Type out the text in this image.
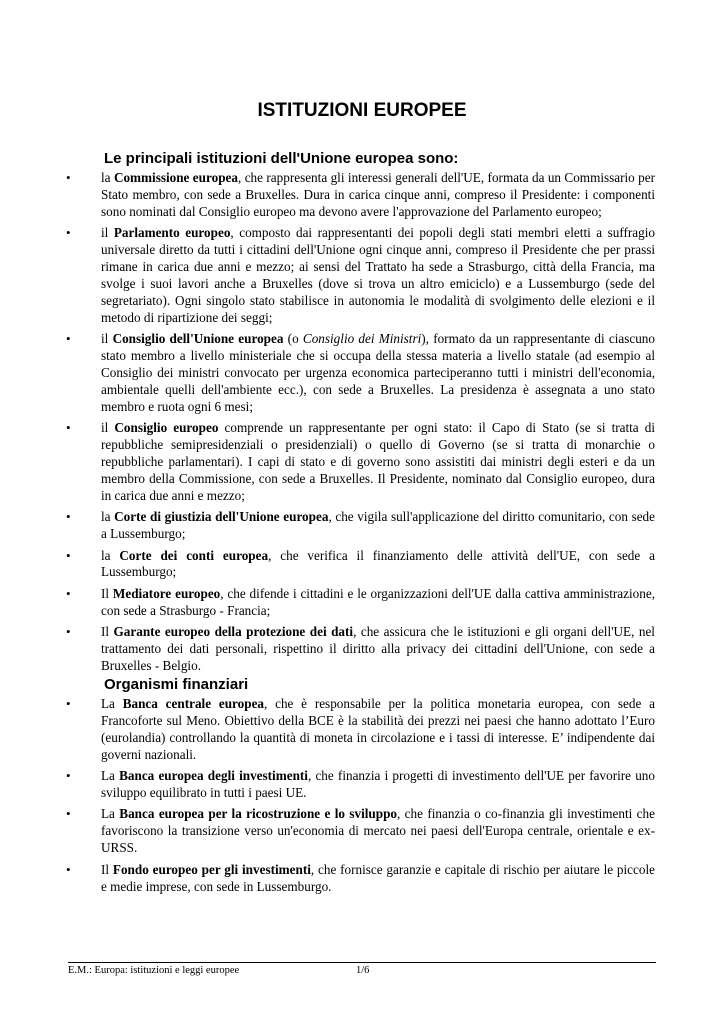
ISTITUZIONI EUROPEE
Le principali istituzioni dell'Unione europea sono:
• la Commissione europea, che rappresenta gli interessi generali dell'UE, formata da un Commissario per Stato membro, con sede a Bruxelles. Dura in carica cinque anni, compreso il Presidente: i componenti sono nominati dal Consiglio europeo ma devono avere l'approvazione del Parlamento europeo;
• il Parlamento europeo, composto dai rappresentanti dei popoli degli stati membri eletti a suffragio universale diretto da tutti i cittadini dell'Unione ogni cinque anni, compreso il Presidente che per prassi rimane in carica due anni e mezzo; ai sensi del Trattato ha sede a Strasburgo, città della Francia, ma svolge i suoi lavori anche a Bruxelles (dove si trova un altro emiciclo) e a Lussemburgo (sede del segretariato). Ogni singolo stato stabilisce in autonomia le modalità di svolgimento delle elezioni e il metodo di ripartizione dei seggi;
• il Consiglio dell'Unione europea (o Consiglio dei Ministri), formato da un rappresentante di ciascuno stato membro a livello ministeriale che si occupa della stessa materia a livello statale (ad esempio al Consiglio dei ministri convocato per urgenza economica parteciperanno tutti i ministri dell'economia, ambientale quelli dell'ambiente ecc.), con sede a Bruxelles. La presidenza è assegnata a uno stato membro e ruota ogni 6 mesi;
• il Consiglio europeo comprende un rappresentante per ogni stato: il Capo di Stato (se si tratta di repubbliche semipresidenziali o presidenziali) o quello di Governo (se si tratta di monarchie o repubbliche parlamentari). I capi di stato e di governo sono assistiti dai ministri degli esteri e da un membro della Commissione, con sede a Bruxelles. Il Presidente, nominato dal Consiglio europeo, dura in carica due anni e mezzo;
• la Corte di giustizia dell'Unione europea, che vigila sull'applicazione del diritto comunitario, con sede a Lussemburgo;
• la Corte dei conti europea, che verifica il finanziamento delle attività dell'UE, con sede a Lussemburgo;
• Il Mediatore europeo, che difende i cittadini e le organizzazioni dell'UE dalla cattiva amministrazione, con sede a Strasburgo - Francia;
• Il Garante europeo della protezione dei dati, che assicura che le istituzioni e gli organi dell'UE, nel trattamento dei dati personali, rispettino il diritto alla privacy dei cittadini dell'Unione, con sede a Bruxelles - Belgio.
Organismi finanziari
• La Banca centrale europea, che è responsabile per la politica monetaria europea, con sede a Francoforte sul Meno. Obiettivo della BCE è la stabilità dei prezzi nei paesi che hanno adottato l’Euro (eurolandia) controllando la quantità di moneta in circolazione e i tassi di interesse. E’ indipendente dai governi nazionali.
• La Banca europea degli investimenti, che finanzia i progetti di investimento dell'UE per favorire uno sviluppo equilibrato in tutti i paesi UE.
• La Banca europea per la ricostruzione e lo sviluppo, che finanzia o co-finanzia gli investimenti che favoriscono la transizione verso un'economia di mercato nei paesi dell'Europa centrale, orientale e ex-URSS.
• Il Fondo europeo per gli investimenti, che fornisce garanzie e capitale di rischio per aiutare le piccole e medie imprese, con sede in Lussemburgo.
E.M.: Europa: istituzioni e leggi europee	1/6
